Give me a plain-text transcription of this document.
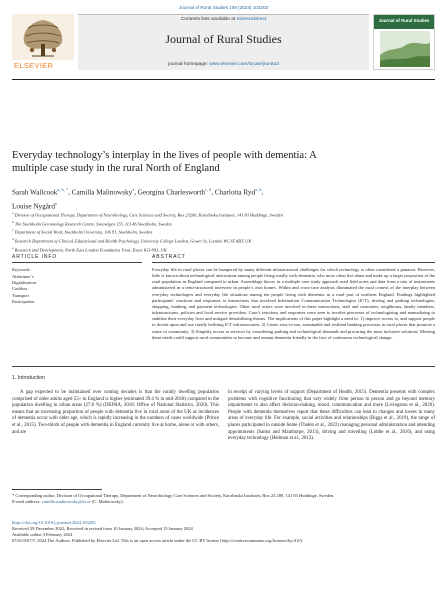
Journal of Rural Studies 106 (2024) 103203
ELSEVIER
Contents lists available at ScienceDirect
Journal of Rural Studies
journal homepage: www.elsevier.com/locate/jrurstud
Journal of Rural Studies
Everyday technology’s interplay in the lives of people with dementia: A
multiple case study in the rural North of England
Sarah Wallcook$^{a, b, *}$, Camilla Malinowsky$^a$, Georgina Charlesworth$^{c, d}$, Charlotta Ryd$^{a, b}$,
Louise Nygård$^a$
$^a$ Division of Occupational Therapy, Department of Neurobiology, Care Sciences and Society, Box 23200, Karolinska Institutet, 141 83 Huddinge, Sweden
$^b$ The Stockholm Gerontology Research Centre, Sveavägen 155, 113 46 Stockholm, Sweden
$^c$ Department of Social Work, Stockholm University, 106 91, Stockholm, Sweden
$^d$ Research Department of Clinical, Educational and Health Psychology, University College London, Gower St, London WC1E 6BT, UK
$^e$ Research and Development, North East London Foundation Trust, Essex IG3 8XJ, UK
ARTICLE INFO	ABSTRACT
Keywords:
Alzheimer’s
Digitalisation
Cashless
Transport
Participation
Everyday life in rural places can be hampered by many different infrastructural challenges for which technology is often considered a panacea. However, little is known about technological interactions among people living rurally with dementia, who more often live alone and make up a larger proportion of the rural population in England compared to urban. Assemblage theory in a multiple case study approach used field notes and data from a mix of instruments administered in a semi-structured interview in people’s own homes. Within and cross-case analysis illuminated the rural context of the interplay between everyday technologies and everyday life situations among ten people living with dementia in a rural part of northern England. Findings highlighted participants’ reactions and responses to interactions that involved Information Communication Technologies (ICT), driving and parking technologies, shopping, banking, and payment technologies. Other rural actors were involved in these interactions; staff and customers, neighbours, family members, infrastructures, policies and local service providers. Case’s reactions and responses were seen to involve processes of technologizing and manualizing to stabilise their everyday lives and mitigate destabilising threats. The implications of this paper highlight a need to: 1) improve access to, and support people to decide upon and use rurally befitting ICT infrastructures. 2) Create easy-to-use, sustainable and resilient banking processes in rural places that promote a sense of community. 3) Simplify access to services by considering parking and technological demands and procuring the most inclusive solutions. Meeting these needs could support rural communities to become and remain dementia-friendly in the face of continuous technological change.
1. Introduction
A gap expected to be maintained over coming decades is that the rurally dwelling population comprised of older adults aged 55+ in England is higher (estimated 39.4 % in mid-2018) compared to the population dwelling in urban areas (27.8 %) (DEFRA, 2018; Office of National Statistics, 2020). This means that an increasing proportion of people with dementia live in rural areas of the UK as incidences of dementia occur with older age, which is rapidly increasing in the numbers of cases worldwide (Prince et al., 2015). Two-thirds of people with dementia in England currently live at home, alone or with others, and are
in receipt of varying levels of support (Department of Health, 2015). Dementia presents with complex problems with cognitive functioning that vary widely from person to person and go beyond memory impairments to also affect decision-making, mood, communication and more (Livingston et al., 2020). People with dementia themselves report that these difficulties can lead to changes and losses in many areas of everyday life. For example, social activities and relationships (Biggs et al., 2019), the range of places participated in outside home (Thalén et al., 2022) managing personal administration and attending appointments (Samsi and Manthorpe, 2013), driving and travelling (Liddle et al., 2016), and using everyday technology (Hedman et al., 2013).
* Corresponding author. Division of Occupational Therapy, Department of Neurobiology Care Sciences and Society, Karolinska Institutet, Box 23 200, 141 83 Huddinge, Sweden.
E-mail address: camilla.malinowsky@ki.se (C. Malinowsky).
https://doi.org/10.1016/j.jrurstud.2024.103203
Received 29 December 2022; Received in revised form 10 January 2024; Accepted 15 January 2024
Available online 3 February 2024
0743-0167/© 2024 The Authors. Published by Elsevier Ltd. This is an open access article under the CC BY license (http://creativecommons.org/licenses/by/4.0/).
